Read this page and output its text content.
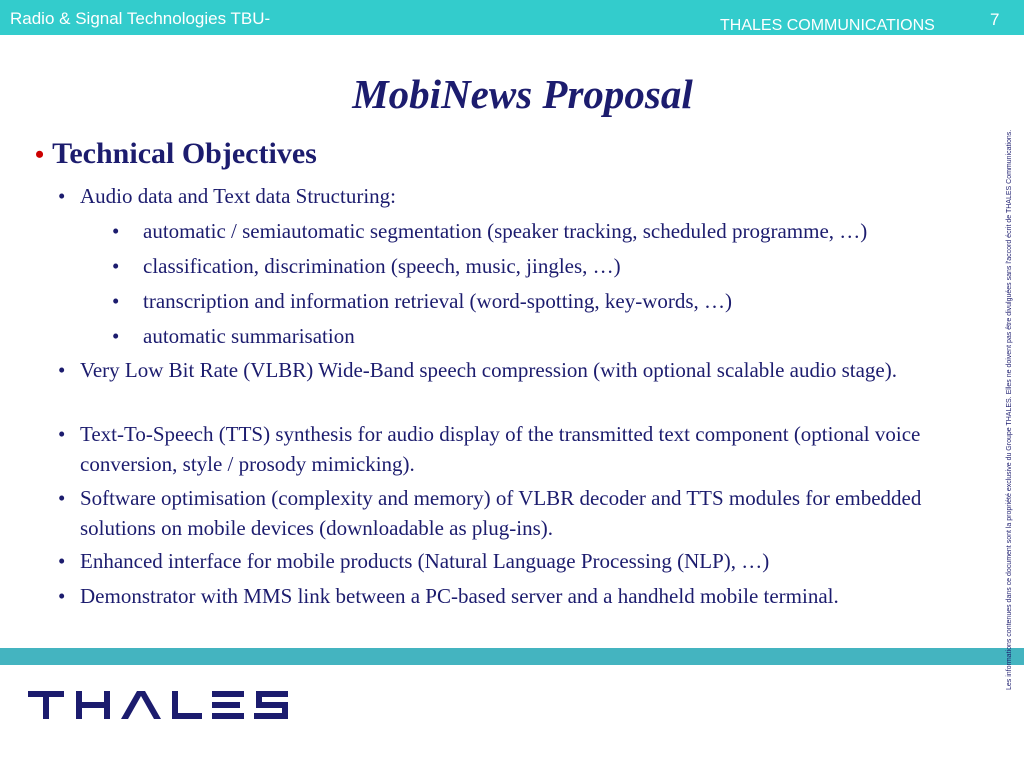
Radio & Signal Technologies TBU-	THALES COMMUNICATIONS	7
MobiNews Proposal
• Technical Objectives
• Audio data and Text data Structuring:
• automatic / semiautomatic segmentation (speaker tracking, scheduled programme, …)
• classification, discrimination (speech, music, jingles, …)
• transcription and information retrieval (word-spotting, key-words, …)
• automatic summarisation
• Very Low Bit Rate (VLBR) Wide-Band speech compression (with optional scalable audio stage).
• Text-To-Speech (TTS) synthesis for audio display of the transmitted text component (optional voice conversion, style / prosody mimicking).
• Software optimisation (complexity and memory) of VLBR decoder and TTS modules for embedded solutions on mobile devices (downloadable as plug-ins).
• Enhanced interface for mobile products (Natural Language Processing (NLP), …)
• Demonstrator with MMS link between a PC-based server and a handheld mobile terminal.	Les informations contenues dans ce document sont la propriété exclusive du Groupe THALES. Elles ne doivent pas être divulguées sans l'accord écrit de THALES Communications.
